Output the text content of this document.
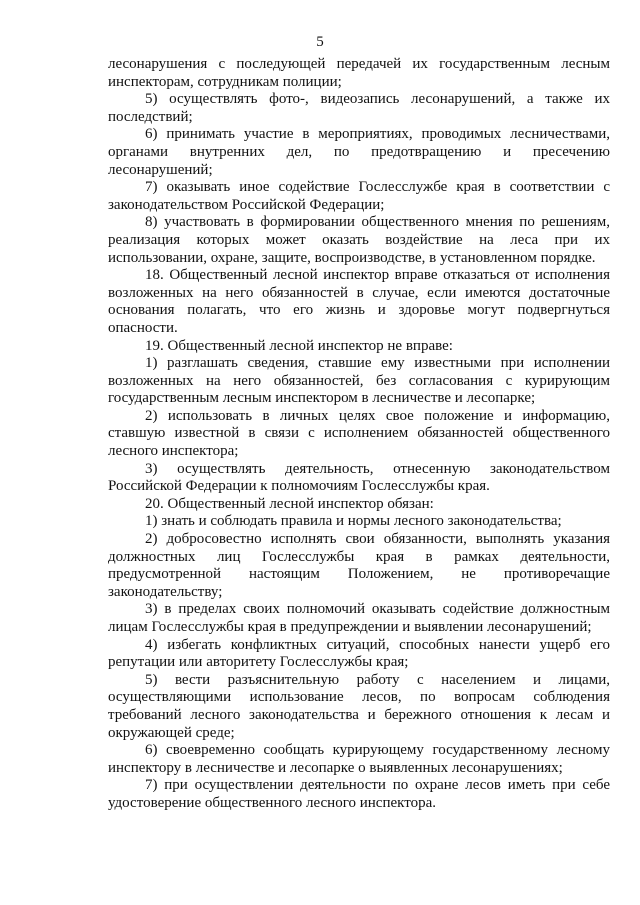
5

лесонарушения с последующей передачей их государственным лесным инспекторам, сотрудникам полиции;

5) осуществлять фото-, видеозапись лесонарушений, а также их последствий;

6) принимать участие в мероприятиях, проводимых лесничествами, органами внутренних дел, по предотвращению и пресечению лесонарушений;

7) оказывать иное содействие Гослесслужбе края в соответствии с законодательством Российской Федерации;

8) участвовать в формировании общественного мнения по решениям, реализация которых может оказать воздействие на леса при их использовании, охране, защите, воспроизводстве, в установленном порядке.

18. Общественный лесной инспектор вправе отказаться от исполнения возложенных на него обязанностей в случае, если имеются достаточные основания полагать, что его жизнь и здоровье могут подвергнуться опасности.

19. Общественный лесной инспектор не вправе:

1) разглашать сведения, ставшие ему известными при исполнении возложенных на него обязанностей, без согласования с курирующим государственным лесным инспектором в лесничестве и лесопарке;

2) использовать в личных целях свое положение и информацию, ставшую известной в связи с исполнением обязанностей общественного лесного инспектора;

3) осуществлять деятельность, отнесенную законодательством Российской Федерации к полномочиям Гослесслужбы края.

20. Общественный лесной инспектор обязан:

1) знать и соблюдать правила и нормы лесного законодательства;

2) добросовестно исполнять свои обязанности, выполнять указания должностных лиц Гослесслужбы края в рамках деятельности, предусмотренной настоящим Положением, не противоречащие законодательству;

3) в пределах своих полномочий оказывать содействие должностным лицам Гослесслужбы края в предупреждении и выявлении лесонарушений;

4) избегать конфликтных ситуаций, способных нанести ущерб его репутации или авторитету Гослесслужбы края;

5) вести разъяснительную работу с населением и лицами, осуществляющими использование лесов, по вопросам соблюдения требований лесного законодательства и бережного отношения к лесам и окружающей среде;

6) своевременно сообщать курирующему государственному лесному инспектору в лесничестве и лесопарке о выявленных лесонарушениях;

7) при осуществлении деятельности по охране лесов иметь при себе удостоверение общественного лесного инспектора.
